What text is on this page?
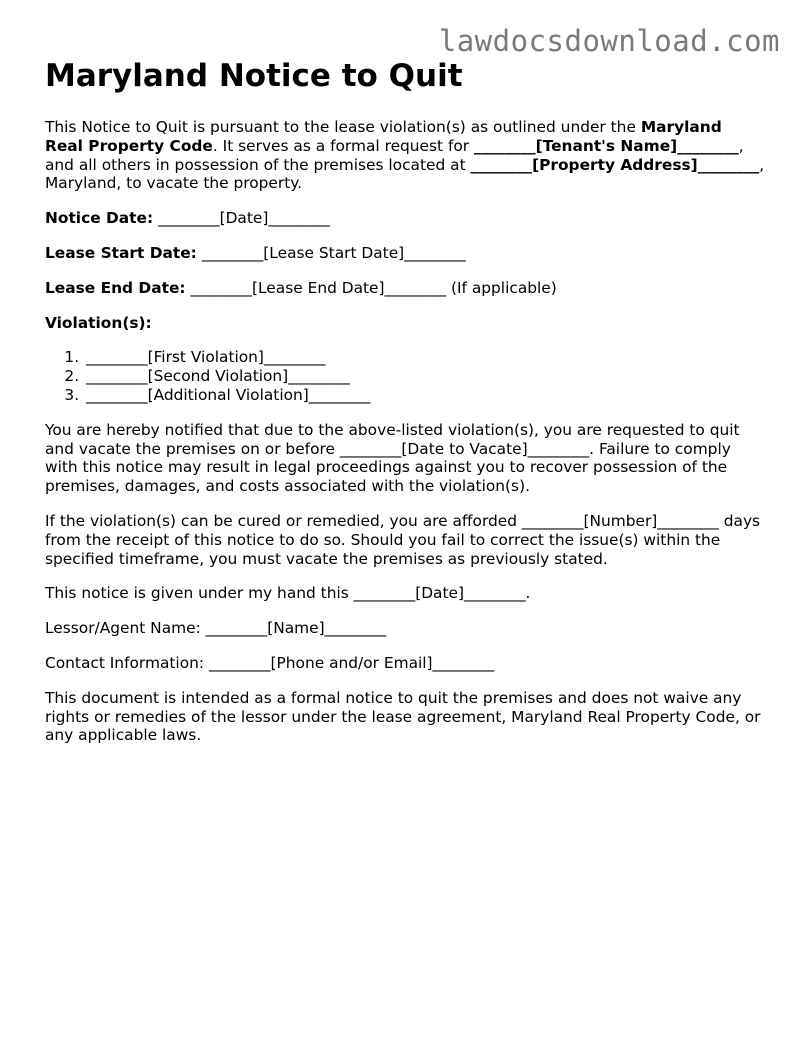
lawdocsdownload.com
Maryland Notice to Quit

This Notice to Quit is pursuant to the lease violation(s) as outlined under the Maryland Real Property Code. It serves as a formal request for ________[Tenant's Name]________, and all others in possession of the premises located at ________[Property Address]________, Maryland, to vacate the property.

Notice Date: ________[Date]________

Lease Start Date: ________[Lease Start Date]________

Lease End Date: ________[Lease End Date]________ (If applicable)

Violation(s):

1. ________[First Violation]________
2. ________[Second Violation]________
3. ________[Additional Violation]________

You are hereby notified that due to the above-listed violation(s), you are requested to quit and vacate the premises on or before ________[Date to Vacate]________. Failure to comply with this notice may result in legal proceedings against you to recover possession of the premises, damages, and costs associated with the violation(s).

If the violation(s) can be cured or remedied, you are afforded ________[Number]________ days from the receipt of this notice to do so. Should you fail to correct the issue(s) within the specified timeframe, you must vacate the premises as previously stated.

This notice is given under my hand this ________[Date]________.

Lessor/Agent Name: ________[Name]________

Contact Information: ________[Phone and/or Email]________

This document is intended as a formal notice to quit the premises and does not waive any rights or remedies of the lessor under the lease agreement, Maryland Real Property Code, or any applicable laws.
